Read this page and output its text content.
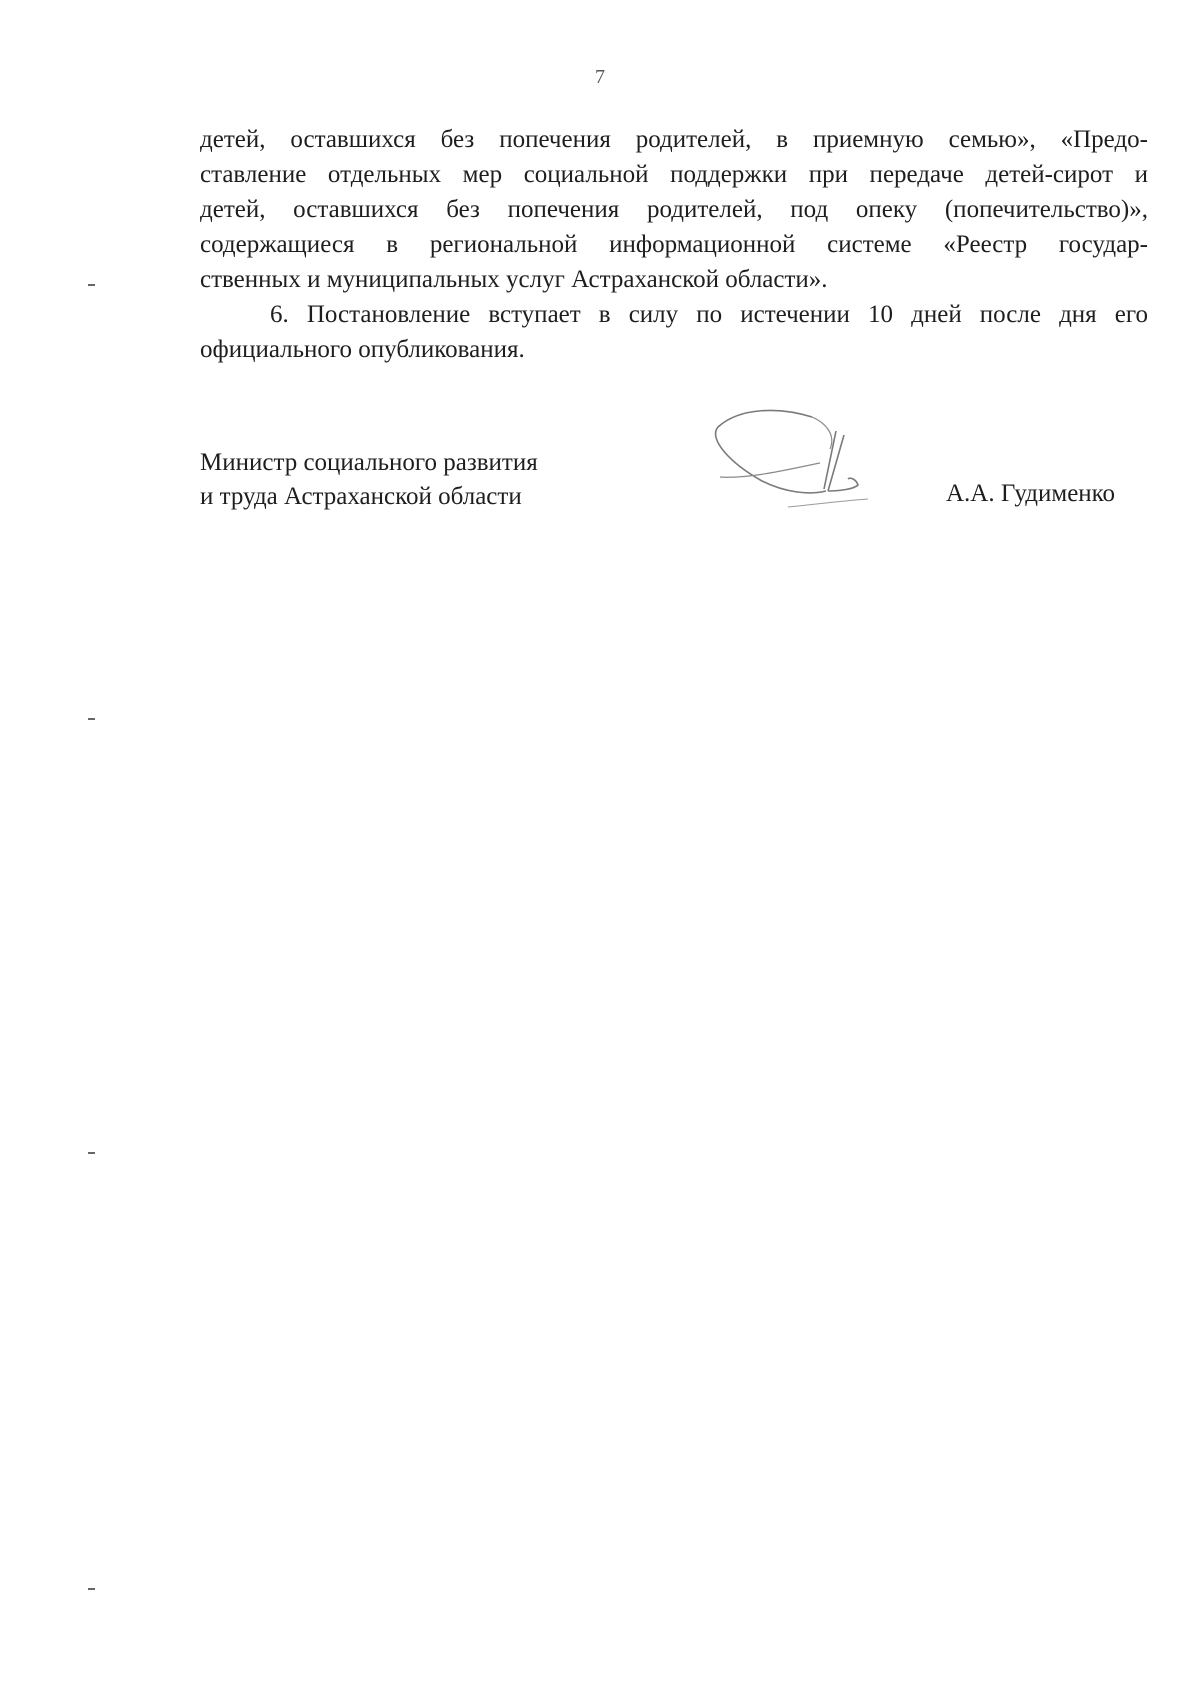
7
детей, оставшихся без попечения родителей, в приемную семью», «Предо-
ставление отдельных мер социальной поддержки при передаче детей-сирот и
детей, оставшихся без попечения родителей, под опеку (попечительство)»,
содержащиеся в региональной информационной системе «Реестр государ-
ственных и муниципальных услуг Астраханской области».
6. Постановление вступает в силу по истечении 10 дней после дня его
официального опубликования.
Министр социального развития
и труда Астраханской области	А.А. Гудименко
